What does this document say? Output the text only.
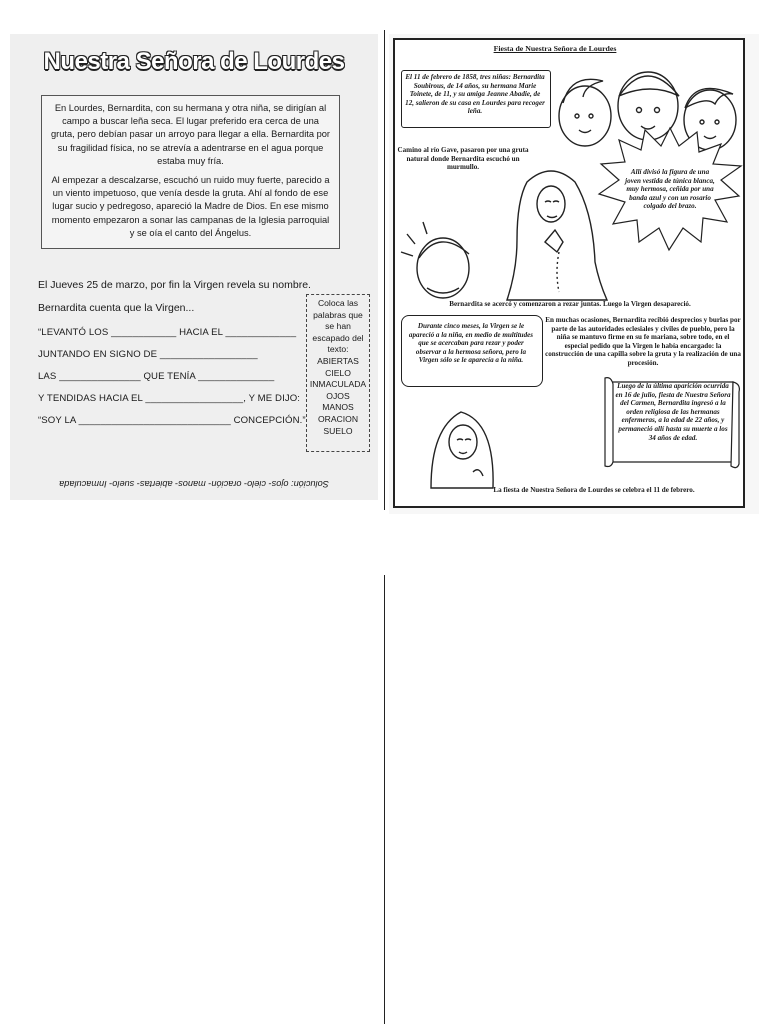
Nuestra Señora de Lourdes

En Lourdes, Bernardita, con su hermana y otra niña, se dirigían al campo a buscar leña seca. El lugar preferido era cerca de una gruta, pero debían pasar un arroyo para llegar a ella. Bernardita por su fragilidad física, no se atrevía a adentrarse en el agua porque estaba muy fría.

Al empezar a descalzarse, escuchó un ruido muy fuerte, parecido a un viento impetuoso, que venía desde la gruta. Ahí al fondo de ese lugar sucio y pedregoso, apareció la Madre de Dios. En ese mismo momento empezaron a sonar las campanas de la Iglesia parroquial y se oía el canto del Ángelus.

El Jueves 25 de marzo, por fin la Virgen revela su nombre.
Bernardita cuenta que la Virgen...
“LEVANTÓ LOS ____________ HACIA EL _____________
JUNTANDO EN SIGNO DE __________________
LAS _______________ QUE TENÍA ______________
Y TENDIDAS HACIA EL __________________, Y ME DIJO:
“SOY LA ____________________________ CONCEPCIÓN.”
Coloca las palabras que se han escapado del texto:
ABIERTAS
CIELO
INMACULADA
OJOS
MANOS
ORACION
SUELO
Solución: ojos- cielo- oración- manos- abiertas- suelo- Inmaculada
Fiesta de Nuestra Señora de Lourdes
El 11 de febrero de 1858, tres niñas: Bernardita Soubirous, de 14 años, su hermana Marie Toinete, de 11, y su amiga Jeanne Abadie, de 12, salieron de su casa en Lourdes para recoger leña.
Camino al río Gave, pasaron por una gruta natural donde Bernardita escuchó un murmullo.
Allí divisó la figura de una joven vestida de túnica blanca, muy hermosa, ceñida por una banda azul y con un rosario colgado del brazo.
Bernardita se acercó y comenzaron a rezar juntas. Luego la Virgen desapareció.
Durante cinco meses, la Virgen se le apareció a la niña, en medio de multitudes que se acercaban para rezar y poder observar a la hermosa señora, pero la Virgen sólo se le aparecía a la niña.
En muchas ocasiones, Bernardita recibió desprecios y burlas por parte de las autoridades eclesiales y civiles de pueblo, pero la niña se mantuvo firme en su fe mariana, sobre todo, en el especial pedido que la Virgen le había encargado: la construcción de una capilla sobre la gruta y la realización de una procesión.
Luego de la última aparición ocurrida en 16 de julio, fiesta de Nuestra Señora del Carmen, Bernardita ingresó a la orden religiosa de las hermanas enfermeras, a la edad de 22 años, y permaneció allí hasta su muerte a los 34 años de edad.
La fiesta de Nuestra Señora de Lourdes se celebra el 11 de febrero.
